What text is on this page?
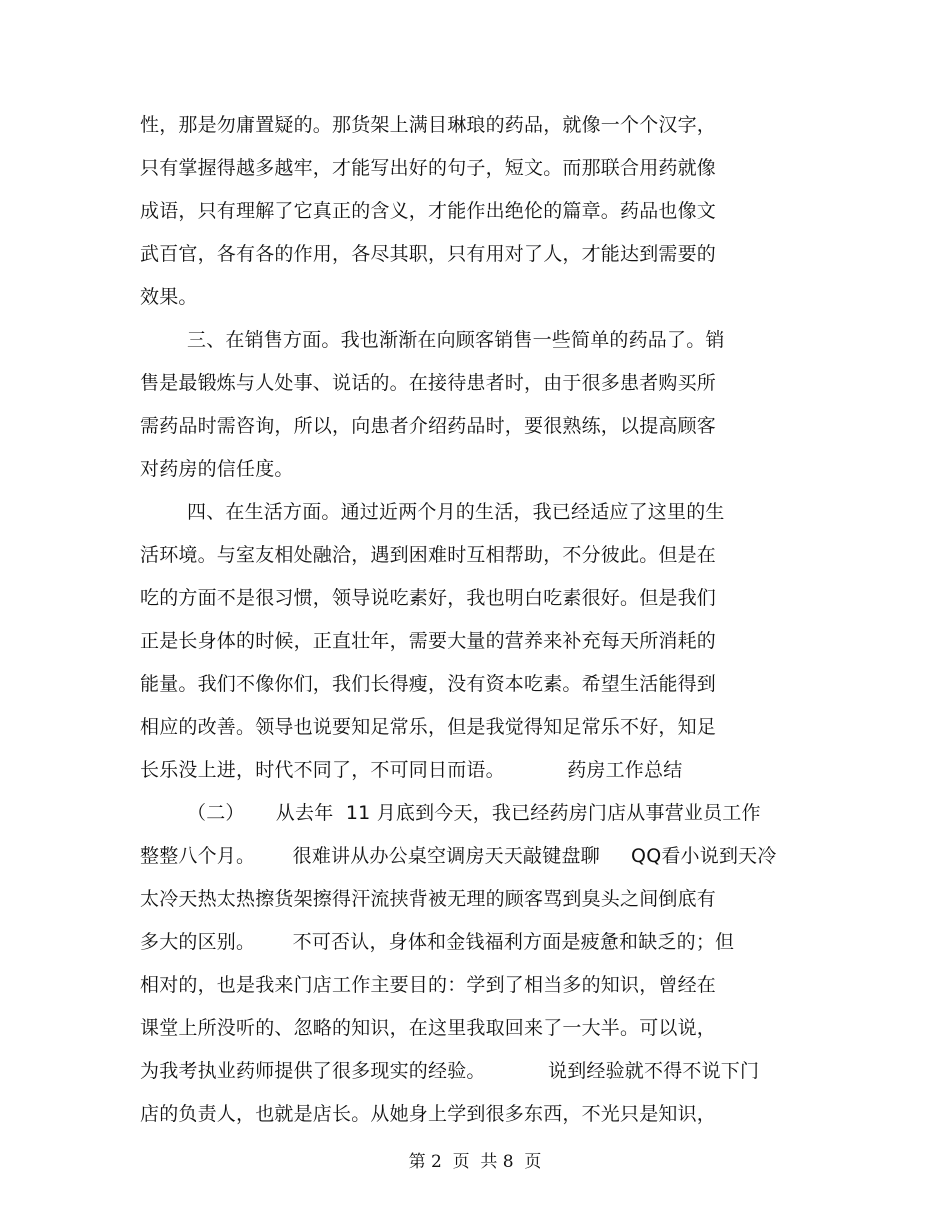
性，那是勿庸置疑的。那货架上满目琳琅的药品，就像一个个汉字，
只有掌握得越多越牢，才能写出好的句子，短文。而那联合用药就像
成语，只有理解了它真正的含义，才能作出绝伦的篇章。药品也像文
武百官，各有各的作用，各尽其职，只有用对了人，才能达到需要的
效果。
三、在销售方面。我也渐渐在向顾客销售一些简单的药品了。销
售是最锻炼与人处事、说话的。在接待患者时，由于很多患者购买所
需药品时需咨询，所以，向患者介绍药品时，要很熟练，以提高顾客
对药房的信任度。
四、在生活方面。通过近两个月的生活，我已经适应了这里的生
活环境。与室友相处融洽，遇到困难时互相帮助，不分彼此。但是在
吃的方面不是很习惯，领导说吃素好，我也明白吃素很好。但是我们
正是长身体的时候，正直壮年，需要大量的营养来补充每天所消耗的
能量。我们不像你们，我们长得瘦，没有资本吃素。希望生活能得到
相应的改善。领导也说要知足常乐，但是我觉得知足常乐不好，知足
长乐没上进，时代不同了，不可同日而语。          药房工作总结
（二）     从去年  11 月底到今天，我已经药房门店从事营业员工作
整整八个月。      很难讲从办公桌空调房天天敲键盘聊     QQ看小说到天冷
太冷天热太热擦货架擦得汗流挟背被无理的顾客骂到臭头之间倒底有
多大的区别。      不可否认，身体和金钱福利方面是疲惫和缺乏的；但
相对的，也是我来门店工作主要目的：学到了相当多的知识，曾经在
课堂上所没听的、忽略的知识，在这里我取回来了一大半。可以说，
为我考执业药师提供了很多现实的经验。          说到经验就不得不说下门
店的负责人，也就是店长。从她身上学到很多东西，不光只是知识，
第 2  页  共 8  页
